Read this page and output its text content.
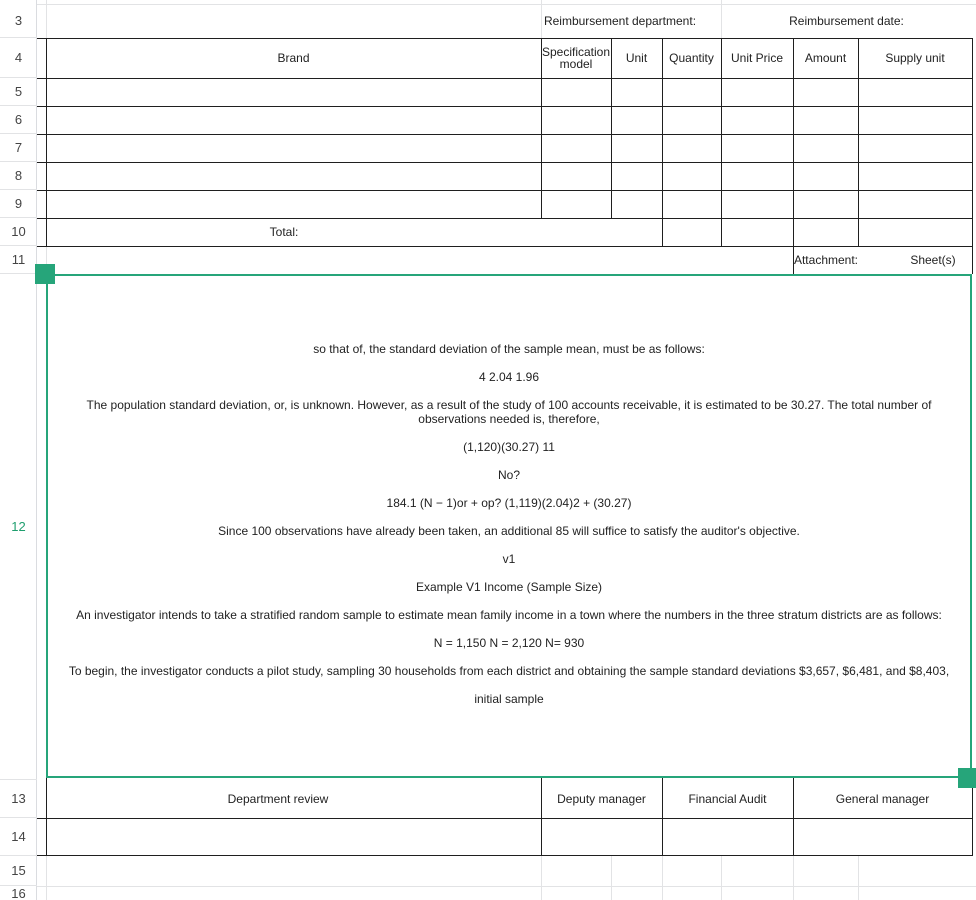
3
4
5
6
7
8
9
10
11
12
13
14
15
16
Reimbursement department:	Reimbursement date:
Brand	Specification model	Unit	Quantity	Unit Price	Amount	Supply unit
Total:
Attachment:	Sheet(s)
so that of, the standard deviation of the sample mean, must be as follows:
4 2.04 1.96
The population standard deviation, or, is unknown. However, as a result of the study of 100 accounts receivable, it is estimated to be 30.27. The total number of observations needed is, therefore,
(1,120)(30.27) 11
No?
184.1 (N − 1)or + op? (1,119)(2.04)2 + (30.27)
Since 100 observations have already been taken, an additional 85 will suffice to satisfy the auditor's objective.
v1
Example V1 Income (Sample Size)
An investigator intends to take a stratified random sample to estimate mean family income in a town where the numbers in the three stratum districts are as follows:
N = 1,150 N = 2,120 N= 930
To begin, the investigator conducts a pilot study, sampling 30 households from each district and obtaining the sample standard deviations $3,657, $6,481, and $8,403,
initial sample
Department review	Deputy manager	Financial Audit	General manager
